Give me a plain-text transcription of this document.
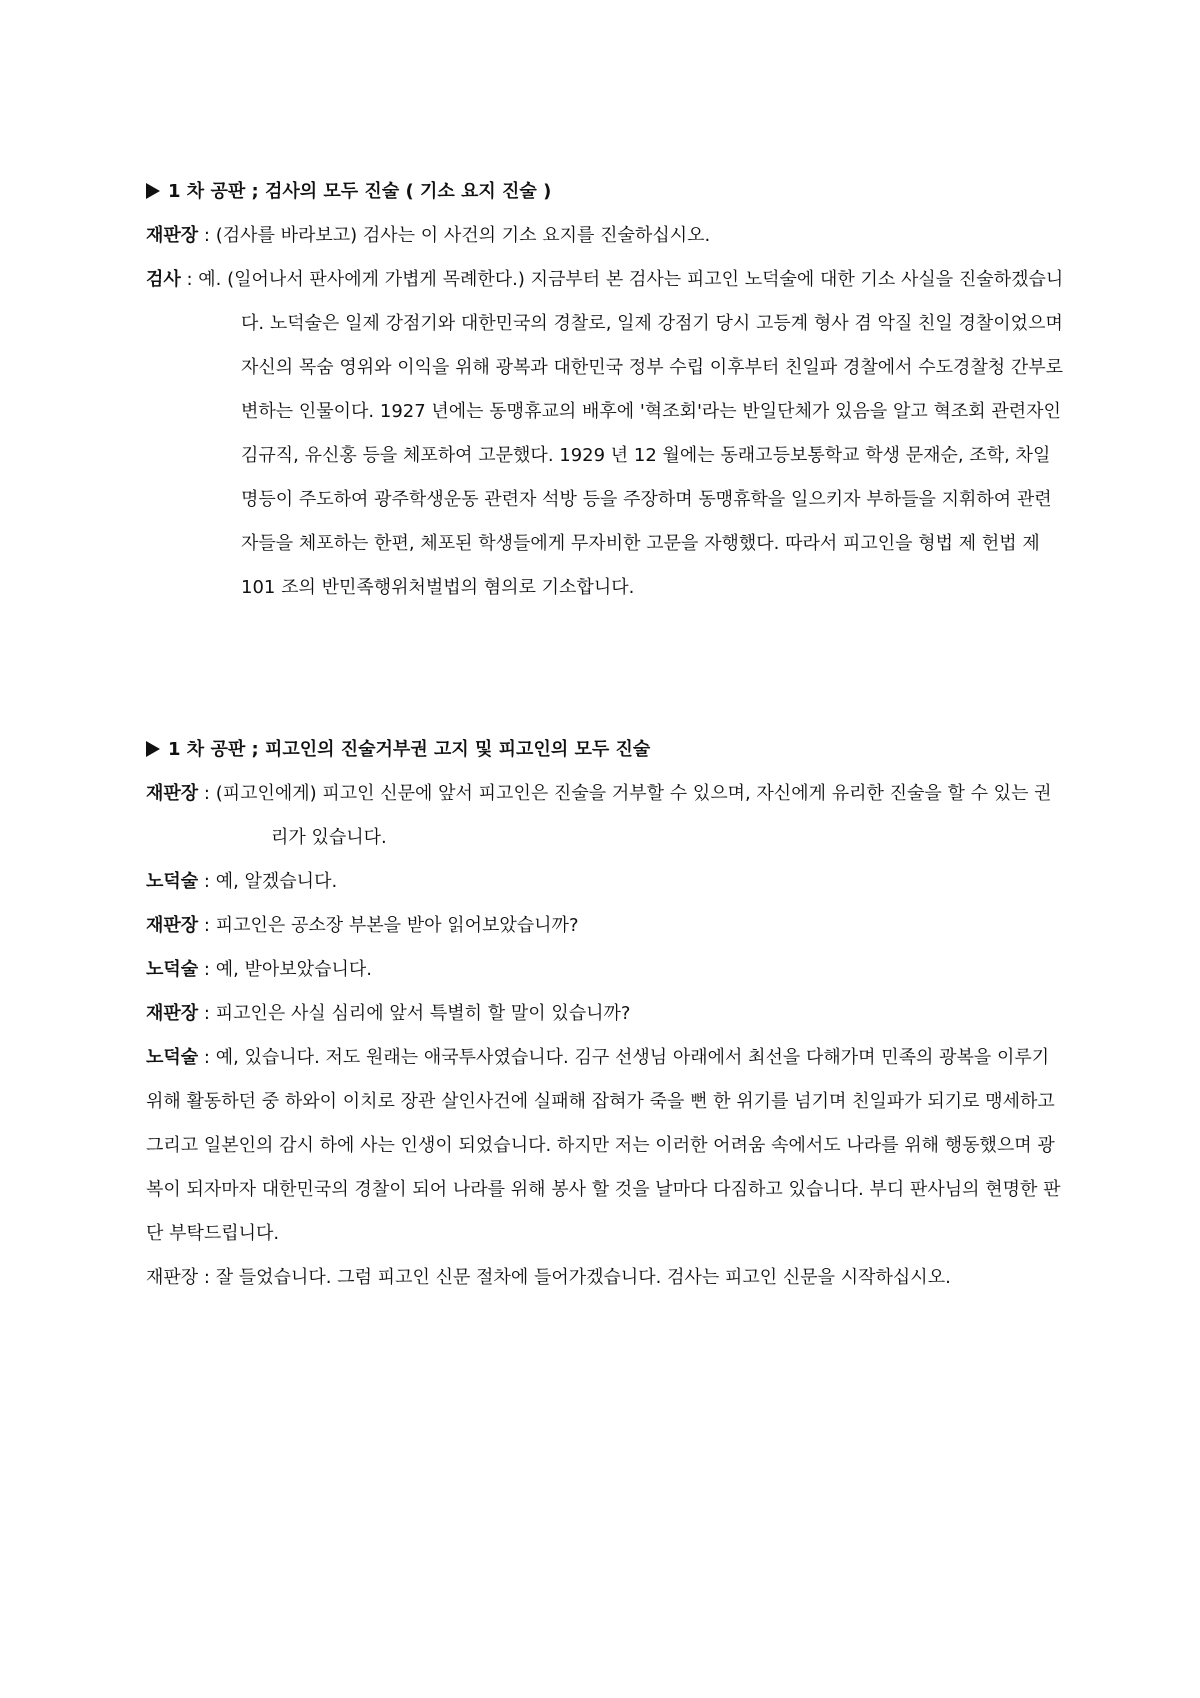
1 차 공판 ; 검사의 모두 진술 ( 기소 요지 진술 )

재판장 : (검사를 바라보고) 검사는 이 사건의 기소 요지를 진술하십시오.

검사 : 예. (일어나서 판사에게 가볍게 목례한다.) 지금부터 본 검사는 피고인 노덕술에 대한 기소 사실을 진술하겠습니다. 노덕술은 일제 강점기와 대한민국의 경찰로, 일제 강점기 당시 고등계 형사 겸 악질 친일 경찰이었으며 자신의 목숨 영위와 이익을 위해 광복과 대한민국 정부 수립 이후부터 친일파 경찰에서 수도경찰청 간부로 변하는 인물이다. 1927 년에는 동맹휴교의 배후에 '혁조회'라는 반일단체가 있음을 알고 혁조회 관련자인 김규직, 유신홍 등을 체포하여 고문했다. 1929 년 12 월에는 동래고등보통학교 학생 문재순, 조학, 차일명등이 주도하여 광주학생운동 관련자 석방 등을 주장하며 동맹휴학을 일으키자 부하들을 지휘하여 관련자들을 체포하는 한편, 체포된 학생들에게 무자비한 고문을 자행했다. 따라서 피고인을 형법 제 헌법 제 101 조의 반민족행위처벌법의 혐의로 기소합니다.

1 차 공판 ; 피고인의 진술거부권 고지 및 피고인의 모두 진술

재판장 : (피고인에게) 피고인 신문에 앞서 피고인은 진술을 거부할 수 있으며, 자신에게 유리한 진술을 할 수 있는 권리가 있습니다.

노덕술 : 예, 알겠습니다.

재판장 : 피고인은 공소장 부본을 받아 읽어보았습니까?

노덕술 : 예, 받아보았습니다.

재판장 : 피고인은 사실 심리에 앞서 특별히 할 말이 있습니까?

노덕술 : 예, 있습니다. 저도 원래는 애국투사였습니다. 김구 선생님 아래에서 최선을 다해가며 민족의 광복을 이루기 위해 활동하던 중 하와이 이치로 장관 살인사건에 실패해 잡혀가 죽을 뻔 한 위기를 넘기며 친일파가 되기로 맹세하고 그리고 일본인의 감시 하에 사는 인생이 되었습니다. 하지만 저는 이러한 어려움 속에서도 나라를 위해 행동했으며 광복이 되자마자 대한민국의 경찰이 되어 나라를 위해 봉사 할 것을 날마다 다짐하고 있습니다. 부디 판사님의 현명한 판단 부탁드립니다.

재판장 : 잘 들었습니다. 그럼 피고인 신문 절차에 들어가겠습니다. 검사는 피고인 신문을 시작하십시오.
